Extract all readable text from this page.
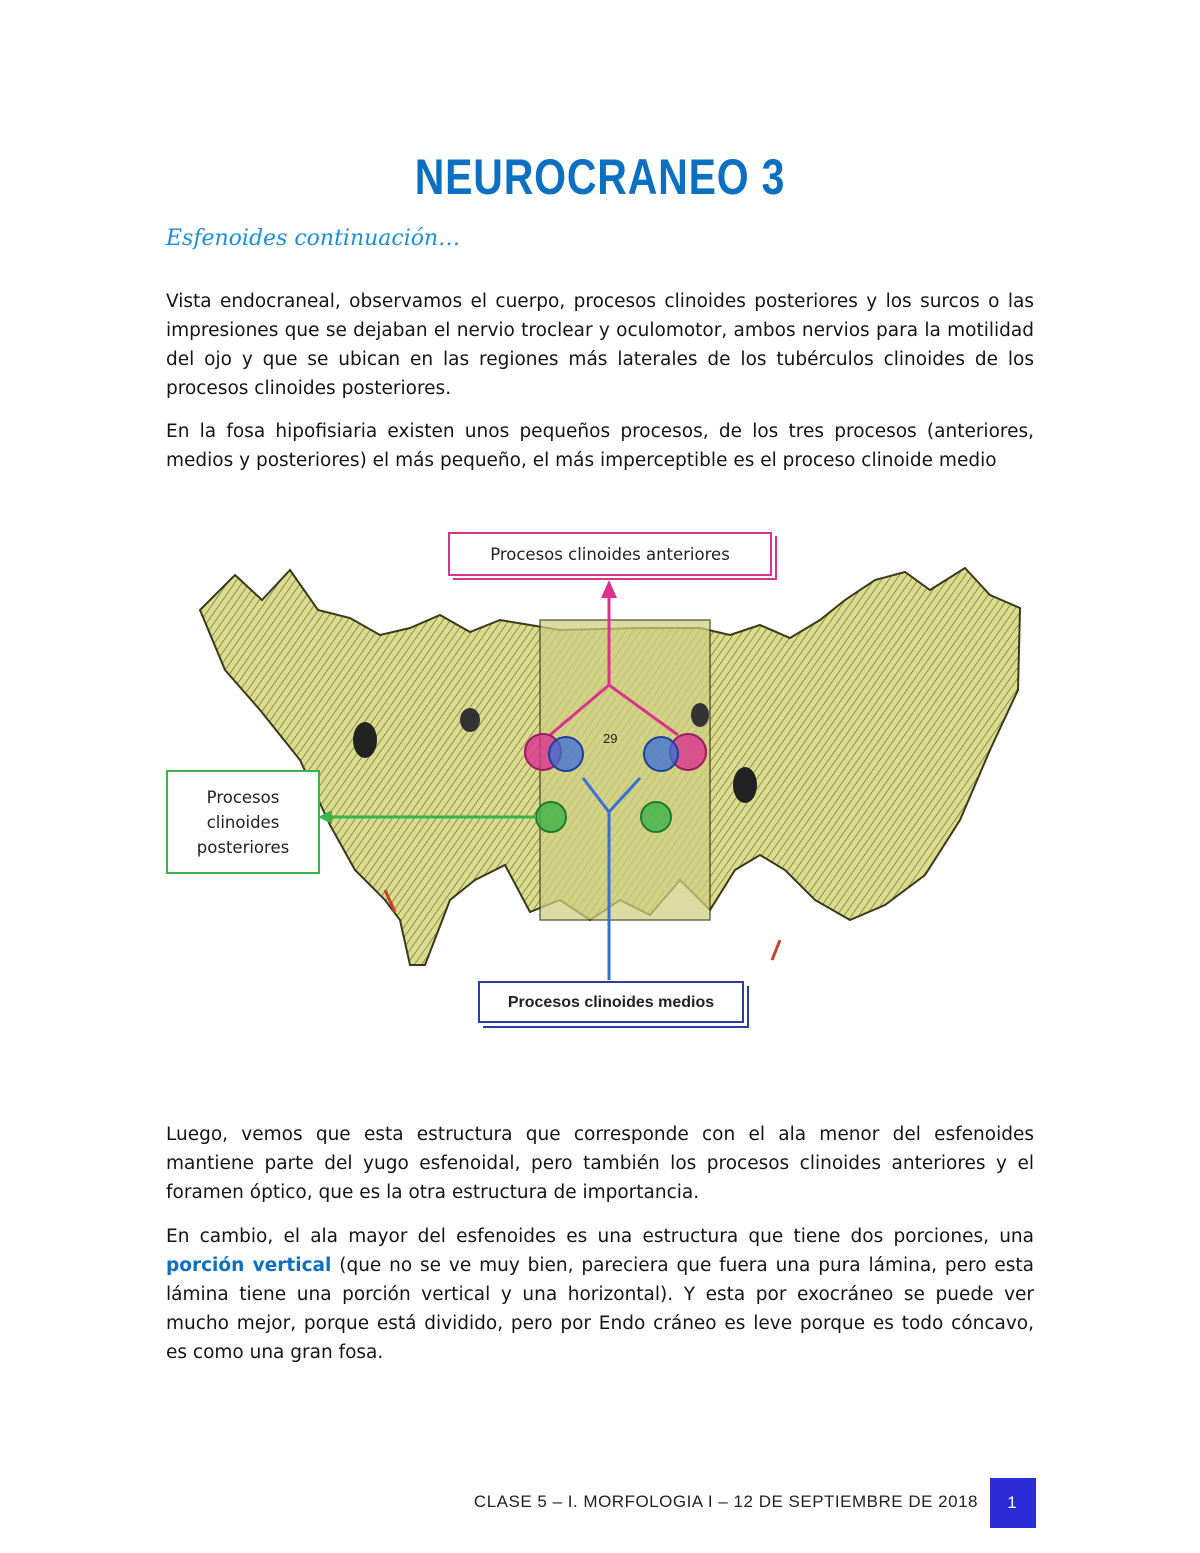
NEUROCRANEO 3
Esfenoides continuación…

Vista endocraneal, observamos el cuerpo, procesos clinoides posteriores y los surcos o las impresiones que se dejaban el nervio troclear y oculomotor, ambos nervios para la motilidad del ojo y que se ubican en las regiones más laterales de los tubérculos clinoides de los procesos clinoides posteriores.

En la fosa hipofisiaria existen unos pequeños procesos, de los tres procesos (anteriores, medios y posteriores) el más pequeño, el más imperceptible es el proceso clinoide medio

29
Procesos clinoides anteriores
Procesos clinoides posteriores
Procesos clinoides medios

Luego, vemos que esta estructura que corresponde con el ala menor del esfenoides mantiene parte del yugo esfenoidal, pero también los procesos clinoides anteriores y el foramen óptico, que es la otra estructura de importancia.

En cambio, el ala mayor del esfenoides es una estructura que tiene dos porciones, una porción vertical (que no se ve muy bien, pareciera que fuera una pura lámina, pero esta lámina tiene una porción vertical y una horizontal). Y esta por exocráneo se puede ver mucho mejor, porque está dividido, pero por Endo cráneo es leve porque es todo cóncavo, es como una gran fosa.

CLASE 5 – I. MORFOLOGIA I – 12 DE SEPTIEMBRE DE 2018	1
